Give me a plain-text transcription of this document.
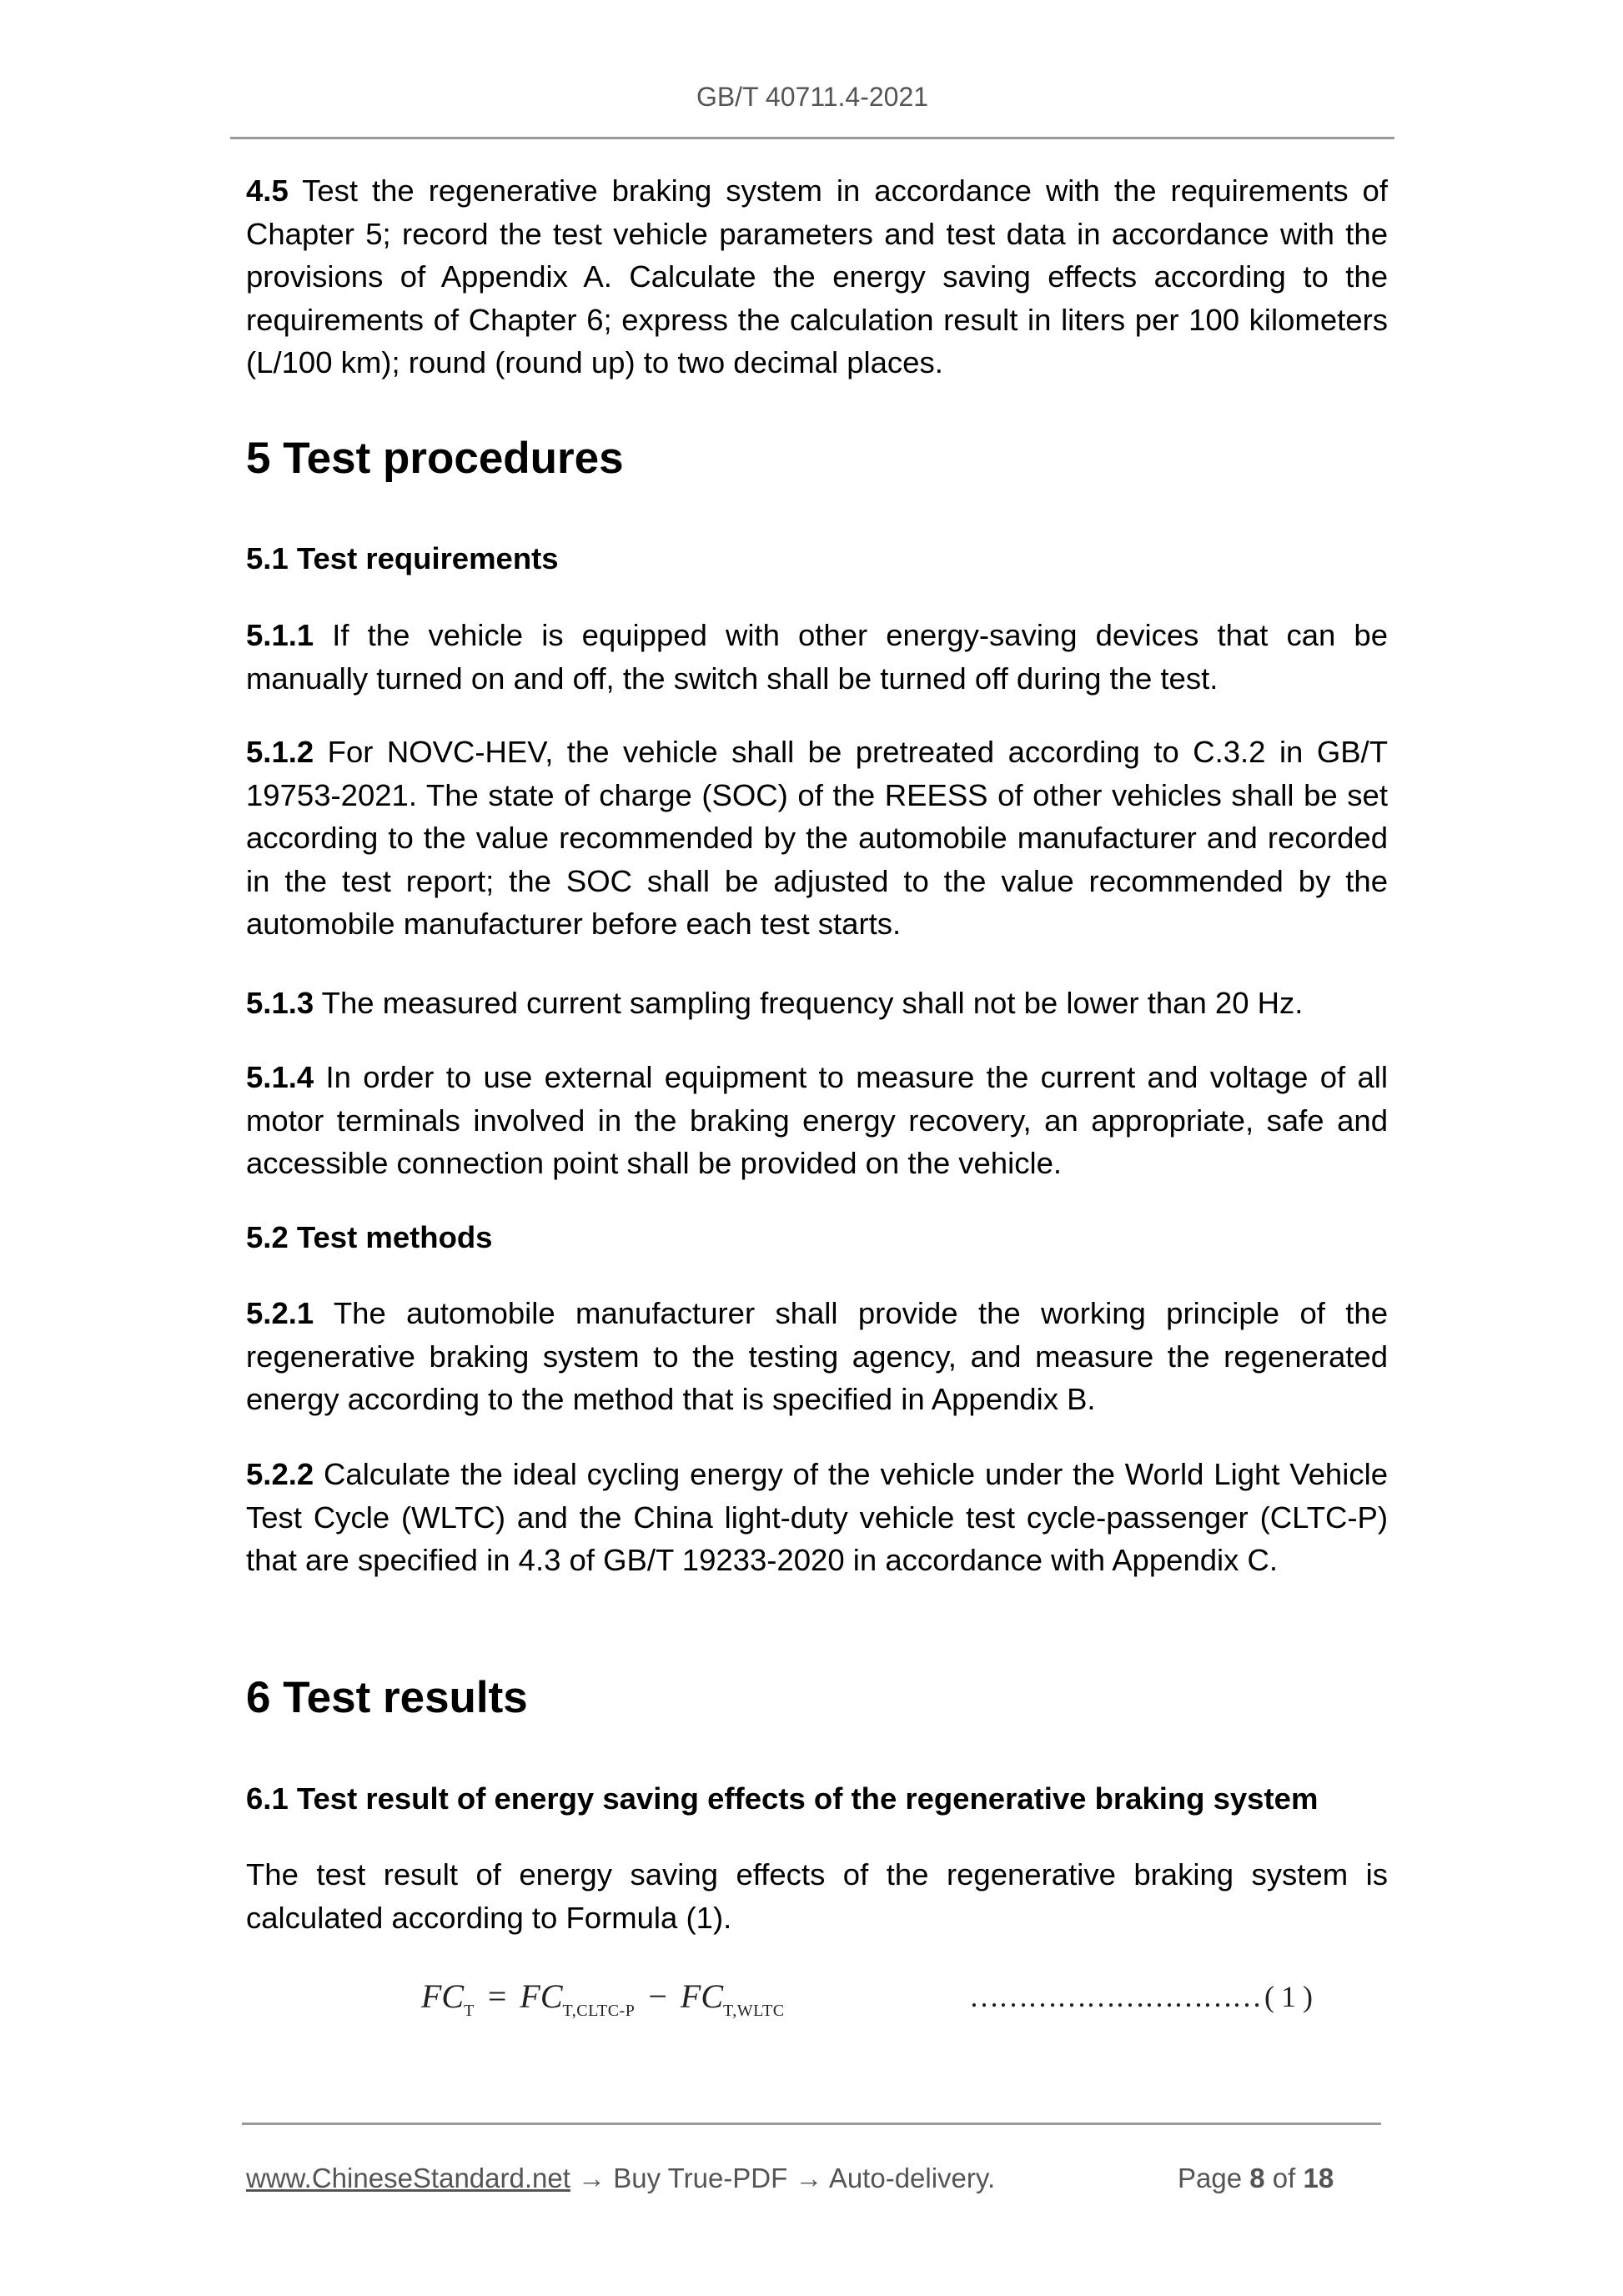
GB/T 40711.4-2021

4.5 Test the regenerative braking system in accordance with the requirements of Chapter 5; record the test vehicle parameters and test data in accordance with the provisions of Appendix A. Calculate the energy saving effects according to the requirements of Chapter 6; express the calculation result in liters per 100 kilometers (L/100 km); round (round up) to two decimal places.

5 Test procedures
5.1 Test requirements

5.1.1 If the vehicle is equipped with other energy-saving devices that can be manually turned on and off, the switch shall be turned off during the test.

5.1.2 For NOVC-HEV, the vehicle shall be pretreated according to C.3.2 in GB/T 19753-2021. The state of charge (SOC) of the REESS of other vehicles shall be set according to the value recommended by the automobile manufacturer and recorded in the test report; the SOC shall be adjusted to the value recommended by the automobile manufacturer before each test starts.

5.1.3 The measured current sampling frequency shall not be lower than 20 Hz.

5.1.4 In order to use external equipment to measure the current and voltage of all motor terminals involved in the braking energy recovery, an appropriate, safe and accessible connection point shall be provided on the vehicle.

5.2 Test methods

5.2.1 The automobile manufacturer shall provide the working principle of the regenerative braking system to the testing agency, and measure the regenerated energy according to the method that is specified in Appendix B.

5.2.2 Calculate the ideal cycling energy of the vehicle under the World Light Vehicle Test Cycle (WLTC) and the China light-duty vehicle test cycle-passenger (CLTC-P) that are specified in 4.3 of GB/T 19233-2020 in accordance with Appendix C.

6 Test results
6.1 Test result of energy saving effects of the regenerative braking system

The test result of energy saving effects of the regenerative braking system is calculated according to Formula (1).

$FC_T = FC_{T,CLTC-P} - FC_{T,WLTC}$	………………………… (1)
www.ChineseStandard.net → Buy True-PDF → Auto-delivery.	Page 8 of 18
